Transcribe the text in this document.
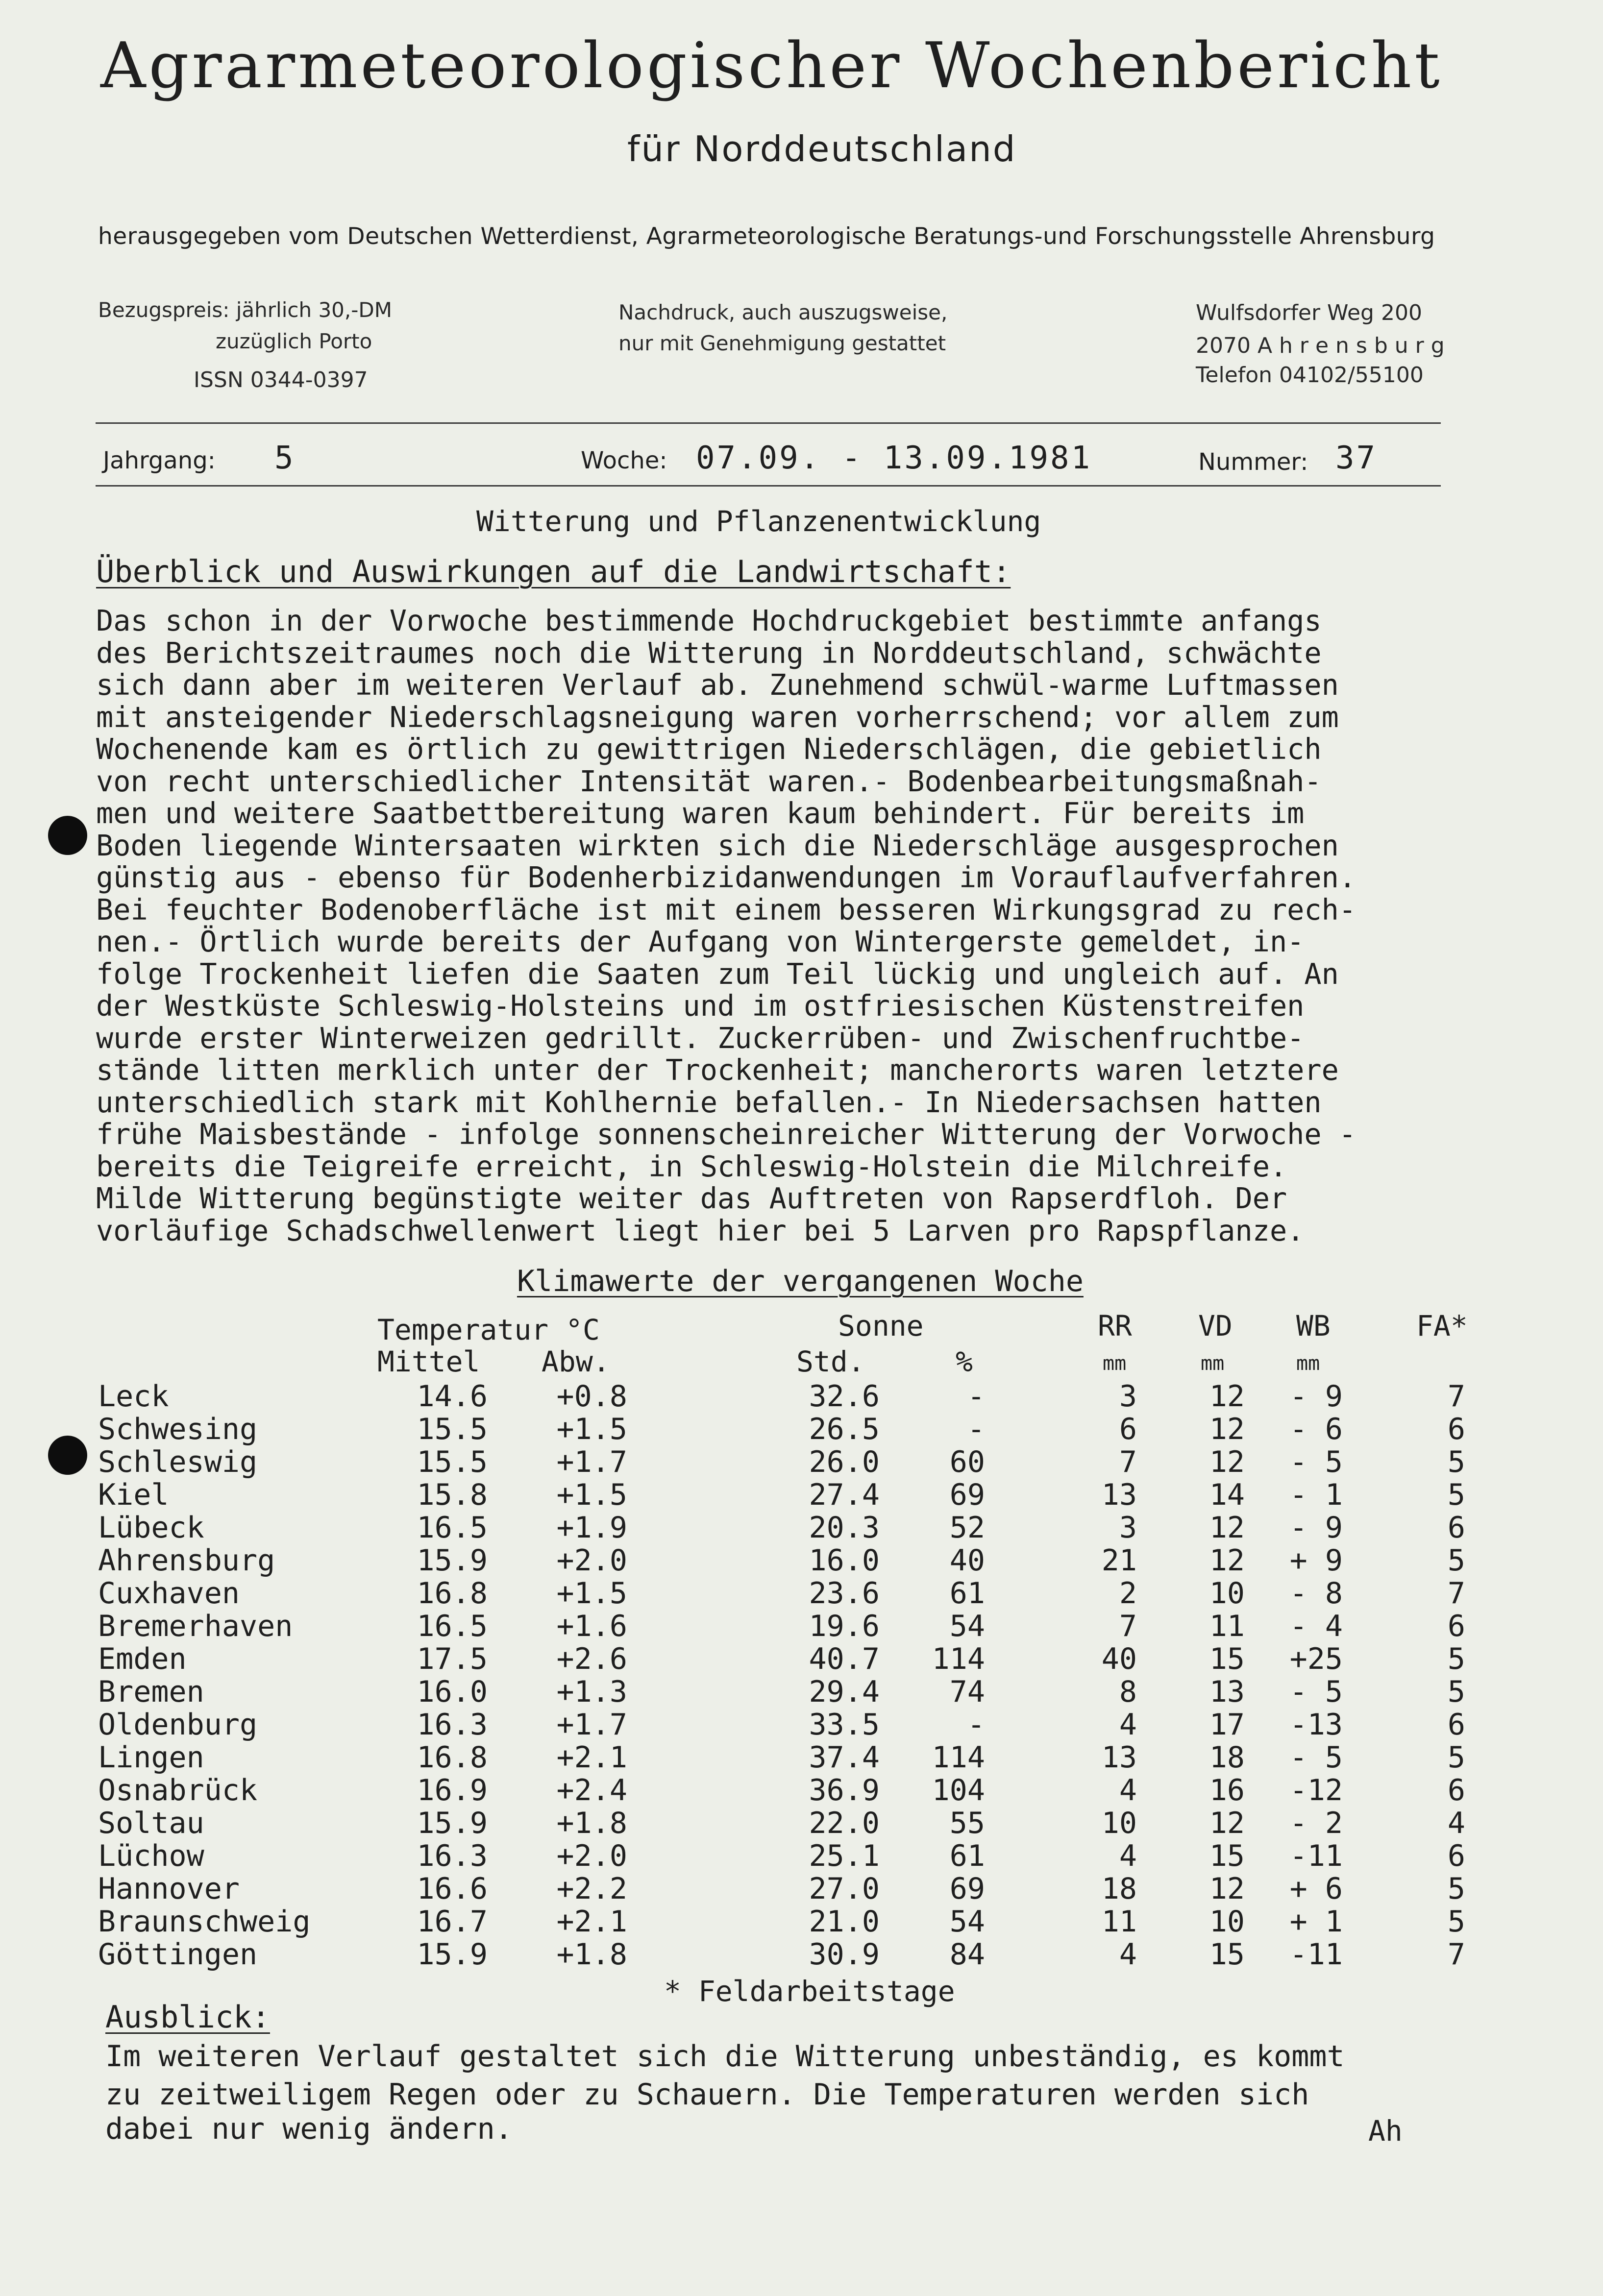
Agrarmeteorologischer Wochenbericht
für Norddeutschland
herausgegeben vom Deutschen Wetterdienst, Agrarmeteorologische Beratungs-und Forschungsstelle Ahrensburg
Bezugspreis: jährlich 30,-DM
zuzüglich Porto
ISSN 0344-0397
Nachdruck, auch auszugsweise,
nur mit Genehmigung gestattet
Wulfsdorfer Weg 200
2070 A h r e n s b u r g
Telefon 04102/55100
Jahrgang: 5	Woche: 07.09. - 13.09.1981	Nummer: 37
Witterung und Pflanzenentwicklung
Überblick und Auswirkungen auf die Landwirtschaft:
Das schon in der Vorwoche bestimmende Hochdruckgebiet bestimmte anfangs
des Berichtszeitraumes noch die Witterung in Norddeutschland, schwächte
sich dann aber im weiteren Verlauf ab. Zunehmend schwül-warme Luftmassen
mit ansteigender Niederschlagsneigung waren vorherrschend; vor allem zum
Wochenende kam es örtlich zu gewittrigen Niederschlägen, die gebietlich
von recht unterschiedlicher Intensität waren.- Bodenbearbeitungsmaßnah-
men und weitere Saatbettbereitung waren kaum behindert. Für bereits im
Boden liegende Wintersaaten wirkten sich die Niederschläge ausgesprochen
günstig aus - ebenso für Bodenherbizidanwendungen im Vorauflaufverfahren.
Bei feuchter Bodenoberfläche ist mit einem besseren Wirkungsgrad zu rech-
nen.- Örtlich wurde bereits der Aufgang von Wintergerste gemeldet, in-
folge Trockenheit liefen die Saaten zum Teil lückig und ungleich auf. An
der Westküste Schleswig-Holsteins und im ostfriesischen Küstenstreifen
wurde erster Winterweizen gedrillt. Zuckerrüben- und Zwischenfruchtbe-
stände litten merklich unter der Trockenheit; mancherorts waren letztere
unterschiedlich stark mit Kohlhernie befallen.- In Niedersachsen hatten
frühe Maisbestände - infolge sonnenscheinreicher Witterung der Vorwoche -
bereits die Teigreife erreicht, in Schleswig-Holstein die Milchreife.
Milde Witterung begünstigte weiter das Auftreten von Rapserdfloh. Der
vorläufige Schadschwellenwert liegt hier bei 5 Larven pro Rapspflanze.
Klimawerte der vergangenen Woche
Temperatur °C	Sonne	RR VD WB	FA*
Mittel Abw.	Std.	%	mm	mm	mm
Leck	14.6	+0.8	32.6	-	3	12	- 9	7
Schwesing	15.5	+1.5	26.5	-	6	12	- 6	6
Schleswig	15.5	+1.7	26.0	60	7	12	- 5	5
Kiel	15.8	+1.5	27.4	69	13	14	- 1	5
Lübeck	16.5	+1.9	20.3	52	3	12	- 9	6
Ahrensburg	15.9	+2.0	16.0	40	21	12	+ 9	5
Cuxhaven	16.8	+1.5	23.6	61	2	10	- 8	7
Bremerhaven	16.5	+1.6	19.6	54	7	11	- 4	6
Emden	17.5	+2.6	40.7	114	40	15	+25	5
Bremen	16.0	+1.3	29.4	74	8	13	- 5	5
Oldenburg	16.3	+1.7	33.5	-	4	17	-13	6
Lingen	16.8	+2.1	37.4	114	13	18	- 5	5
Osnabrück	16.9	+2.4	36.9	104	4	16	-12	6
Soltau	15.9	+1.8	22.0	55	10	12	- 2	4
Lüchow	16.3	+2.0	25.1	61	4	15	-11	6
Hannover	16.6	+2.2	27.0	69	18	12	+ 6	5
Braunschweig	16.7	+2.1	21.0	54	11	10	+ 1	5
Göttingen	15.9	+1.8	30.9	84	4	15	-11	7
* Feldarbeitstage
Ausblick:
Im weiteren Verlauf gestaltet sich die Witterung unbeständig, es kommt
zu zeitweiligem Regen oder zu Schauern. Die Temperaturen werden sich
dabei nur wenig ändern.	Ah
